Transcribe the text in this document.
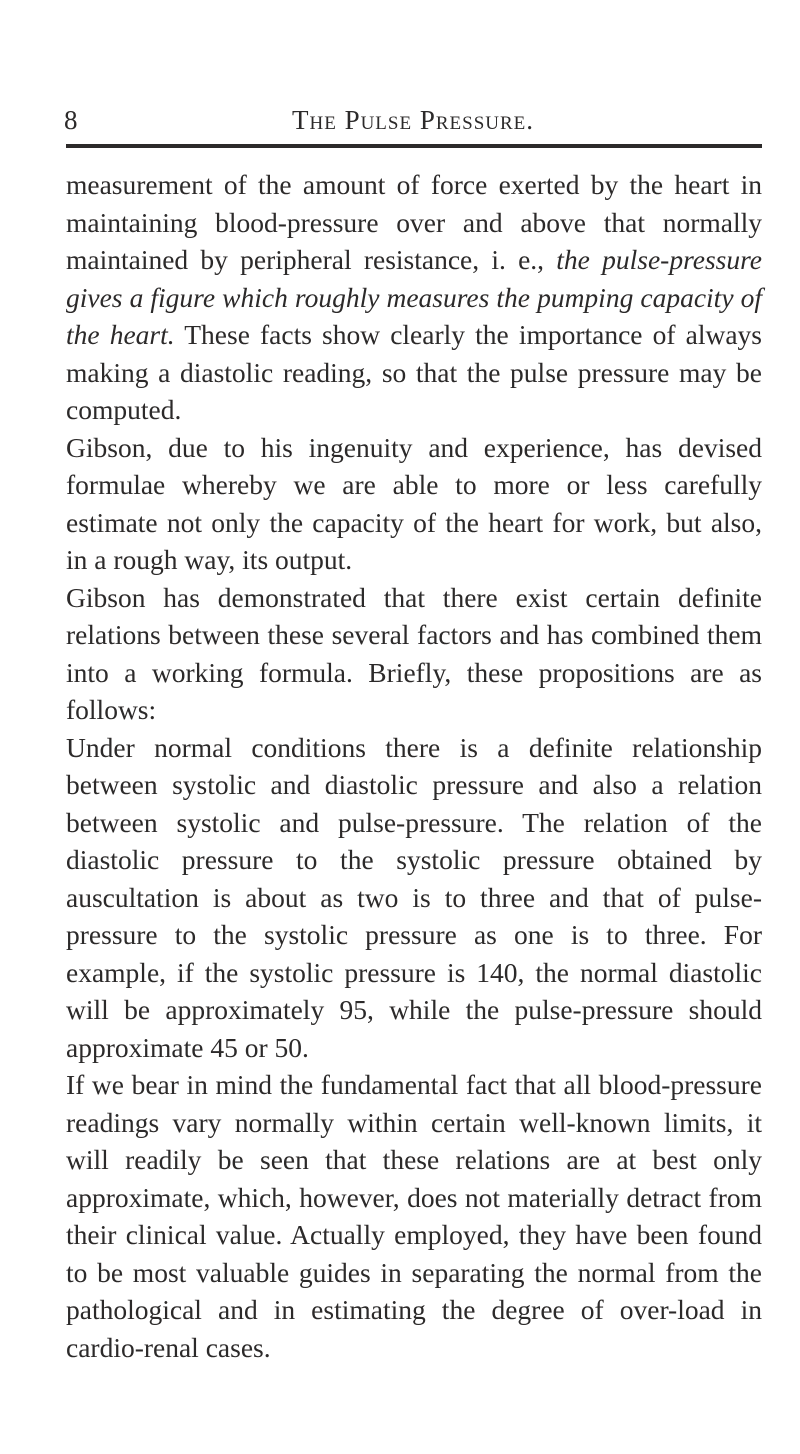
8	The Pulse Pressure.

measurement of the amount of force exerted by the heart in maintaining blood-pressure over and above that normally maintained by peripheral resistance, i. e., the pulse-pressure gives a figure which roughly measures the pumping capacity of the heart. These facts show clearly the importance of always making a diastolic reading, so that the pulse pressure may be computed.

Gibson, due to his ingenuity and experience, has devised formulae whereby we are able to more or less carefully estimate not only the capacity of the heart for work, but also, in a rough way, its output.

Gibson has demonstrated that there exist certain definite relations between these several factors and has combined them into a working formula. Briefly, these propositions are as follows:

Under normal conditions there is a definite relationship between systolic and diastolic pressure and also a relation between systolic and pulse-pressure. The relation of the diastolic pressure to the systolic pressure obtained by auscultation is about as two is to three and that of pulse-pressure to the systolic pressure as one is to three. For example, if the systolic pressure is 140, the normal diastolic will be approximately 95, while the pulse-pressure should approximate 45 or 50.

If we bear in mind the fundamental fact that all blood-pressure readings vary normally within certain well-known limits, it will readily be seen that these relations are at best only approximate, which, however, does not materially detract from their clinical value. Actually employed, they have been found to be most valuable guides in separating the normal from the pathological and in estimating the degree of over-load in cardio-renal cases.
